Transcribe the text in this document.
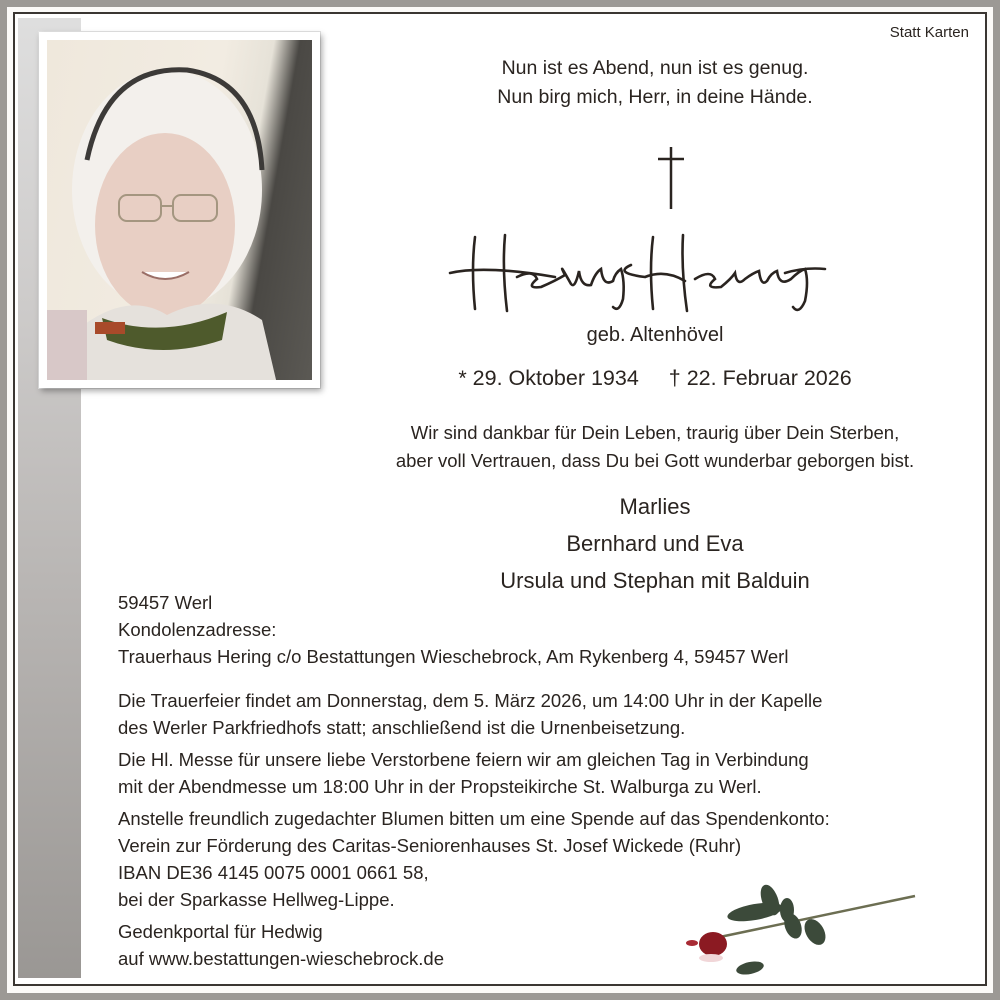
Statt Karten
Nun ist es Abend, nun ist es genug.
Nun birg mich, Herr, in deine Hände.
geb. Altenhövel
* 29. Oktober 1934 † 22. Februar 2026
Wir sind dankbar für Dein Leben, traurig über Dein Sterben,
aber voll Vertrauen, dass Du bei Gott wunderbar geborgen bist.
Marlies
Bernhard und Eva
Ursula und Stephan mit Balduin
59457 Werl
Kondolenzadresse:
Trauerhaus Hering c/o Bestattungen Wieschebrock, Am Rykenberg 4, 59457 Werl

Die Trauerfeier findet am Donnerstag, dem 5. März 2026, um 14:00 Uhr in der Kapelle
des Werler Parkfriedhofs statt; anschließend ist die Urnenbeisetzung.

Die Hl. Messe für unsere liebe Verstorbene feiern wir am gleichen Tag in Verbindung
mit der Abendmesse um 18:00 Uhr in der Propsteikirche St. Walburga zu Werl.

Anstelle freundlich zugedachter Blumen bitten um eine Spende auf das Spendenkonto:
Verein zur Förderung des Caritas-Seniorenhauses St. Josef Wickede (Ruhr)
IBAN DE36 4145 0075 0001 0661 58,
bei der Sparkasse Hellweg-Lippe.

Gedenkportal für Hedwig
auf www.bestattungen-wieschebrock.de
